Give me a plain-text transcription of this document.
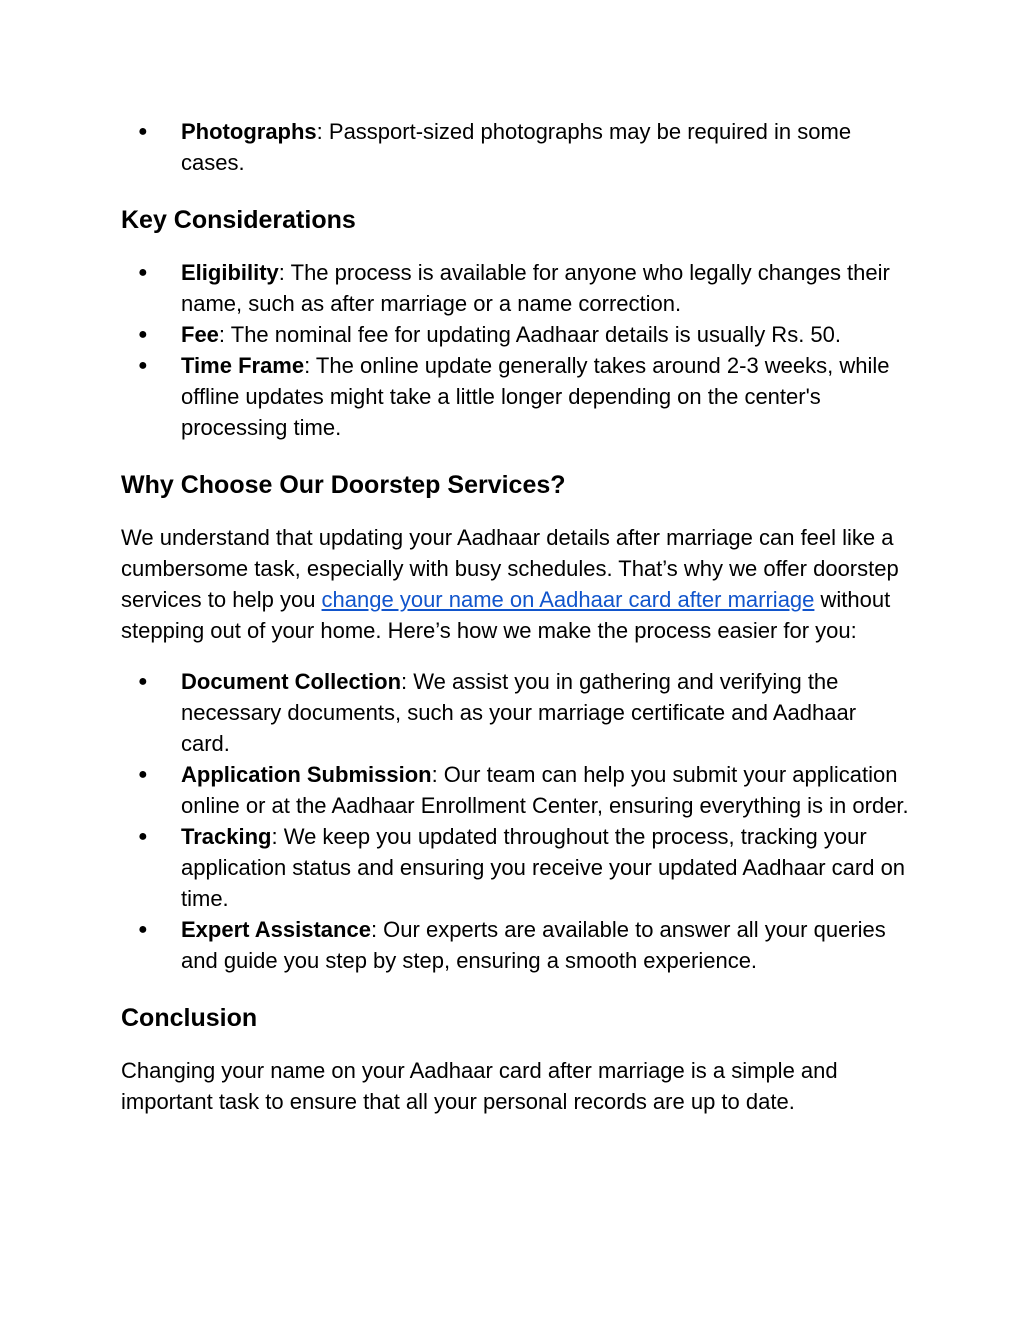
● Photographs: Passport-sized photographs may be required in some cases.
Key Considerations
● Eligibility: The process is available for anyone who legally changes their name, such as after marriage or a name correction.
● Fee: The nominal fee for updating Aadhaar details is usually Rs. 50.
● Time Frame: The online update generally takes around 2-3 weeks, while offline updates might take a little longer depending on the center's processing time.
Why Choose Our Doorstep Services?

We understand that updating your Aadhaar details after marriage can feel like a cumbersome task, especially with busy schedules. That’s why we offer doorstep services to help you change your name on Aadhaar card after marriage without stepping out of your home. Here’s how we make the process easier for you:

● Document Collection: We assist you in gathering and verifying the necessary documents, such as your marriage certificate and Aadhaar card.
● Application Submission: Our team can help you submit your application online or at the Aadhaar Enrollment Center, ensuring everything is in order.
● Tracking: We keep you updated throughout the process, tracking your application status and ensuring you receive your updated Aadhaar card on time.
● Expert Assistance: Our experts are available to answer all your queries and guide you step by step, ensuring a smooth experience.
Conclusion

Changing your name on your Aadhaar card after marriage is a simple and important task to ensure that all your personal records are up to date.
